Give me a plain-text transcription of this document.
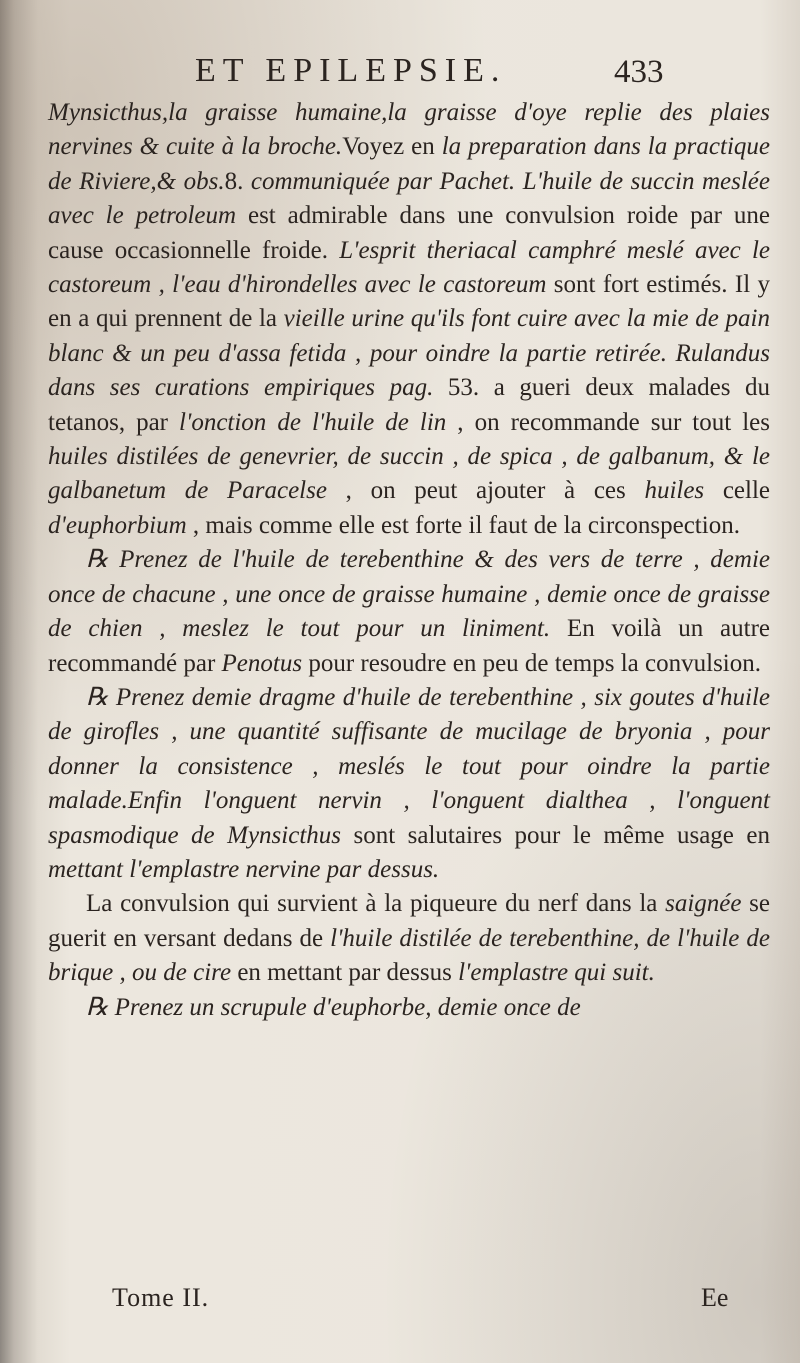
ET EPILEPSIE.	433

Mynsicthus,la graisse humaine,la graisse d'oye replie des plaies nervines & cuite à la broche.Voyez en la preparation dans la practique de Riviere,& obs.8. communiquée par Pachet. L'huile de succin meslée avec le petroleum est admirable dans une convulsion roide par une cause occasionnelle froide. L'esprit theriacal camphré meslé avec le castoreum , l'eau d'hirondelles avec le castoreum sont fort estimés. Il y en a qui prennent de la vieille urine qu'ils font cuire avec la mie de pain blanc & un peu d'assa fetida , pour oindre la partie retirée. Rulandus dans ses curations empiriques pag. 53. a gueri deux malades du tetanos, par l'onction de l'huile de lin , on recommande sur tout les huiles distilées de genevrier, de succin , de spica , de galbanum, & le galbanetum de Paracelse , on peut ajouter à ces huiles celle d'euphorbium , mais comme elle est forte il faut de la circonspection.

℞ Prenez de l'huile de terebenthine & des vers de terre , demie once de chacune , une once de graisse humaine , demie once de graisse de chien , meslez le tout pour un liniment. En voilà un autre recommandé par Penotus pour resoudre en peu de temps la convulsion.

℞ Prenez demie dragme d'huile de terebenthine , six goutes d'huile de girofles , une quantité suffisante de mucilage de bryonia , pour donner la consistence , meslés le tout pour oindre la partie malade.Enfin l'onguent nervin , l'onguent dialthea , l'onguent spasmodique de Mynsicthus sont salutaires pour le même usage en mettant l'emplastre nervine par dessus.

La convulsion qui survient à la piqueure du nerf dans la saignée se guerit en versant dedans de l'huile distilée de terebenthine, de l'huile de brique , ou de cire en mettant par dessus l'emplastre qui suit.

℞ Prenez un scrupule d'euphorbe, demie once de

Tome II.	Ee
